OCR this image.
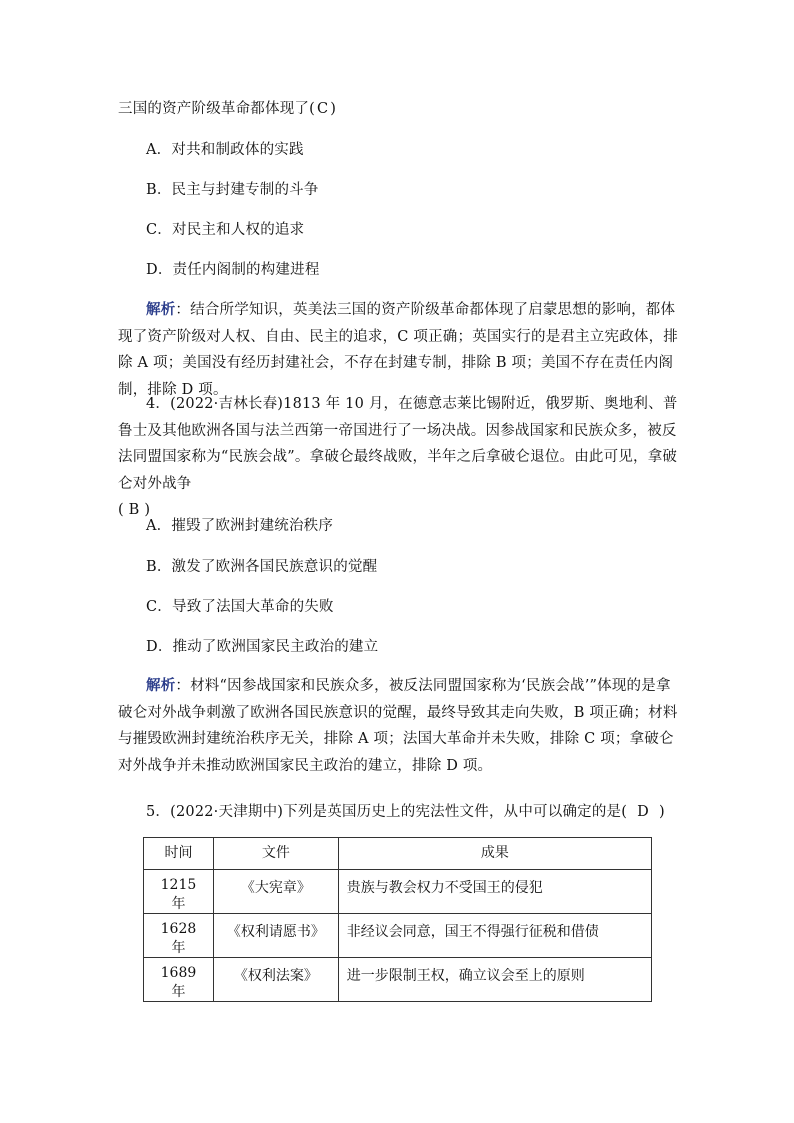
三国的资产阶级革命都体现了( C )
A．对共和制政体的实践
B．民主与封建专制的斗争
C．对民主和人权的追求
D．责任内阁制的构建进程
解析：结合所学知识，英美法三国的资产阶级革命都体现了启蒙思想的影响，都体现了资产阶级对人权、自由、民主的追求，C 项正确；英国实行的是君主立宪政体，排除 A 项；美国没有经历封建社会，不存在封建专制，排除 B 项；美国不存在责任内阁制，排除 D 项。
4．(2022·吉林长春)1813 年 10 月，在德意志莱比锡附近，俄罗斯、奥地利、普鲁士及其他欧洲各国与法兰西第一帝国进行了一场决战。因参战国家和民族众多，被反法同盟国家称为“民族会战”。拿破仑最终战败，半年之后拿破仑退位。由此可见，拿破仑对外战争
( B )
A．摧毁了欧洲封建统治秩序
B．激发了欧洲各国民族意识的觉醒
C．导致了法国大革命的失败
D．推动了欧洲国家民主政治的建立
解析：材料“因参战国家和民族众多，被反法同盟国家称为‘民族会战’”体现的是拿破仑对外战争刺激了欧洲各国民族意识的觉醒，最终导致其走向失败，B 项正确；材料与摧毁欧洲封建统治秩序无关，排除 A 项；法国大革命并未失败，排除 C 项；拿破仑对外战争并未推动欧洲国家民主政治的建立，排除 D 项。
5．(2022·天津期中)下列是英国历史上的宪法性文件，从中可以确定的是( D )
时间	文件	成果
1215 年	《大宪章》	贵族与教会权力不受国王的侵犯
1628 年	《权利请愿书》	非经议会同意，国王不得强行征税和借债
1689 年	《权利法案》	进一步限制王权，确立议会至上的原则
